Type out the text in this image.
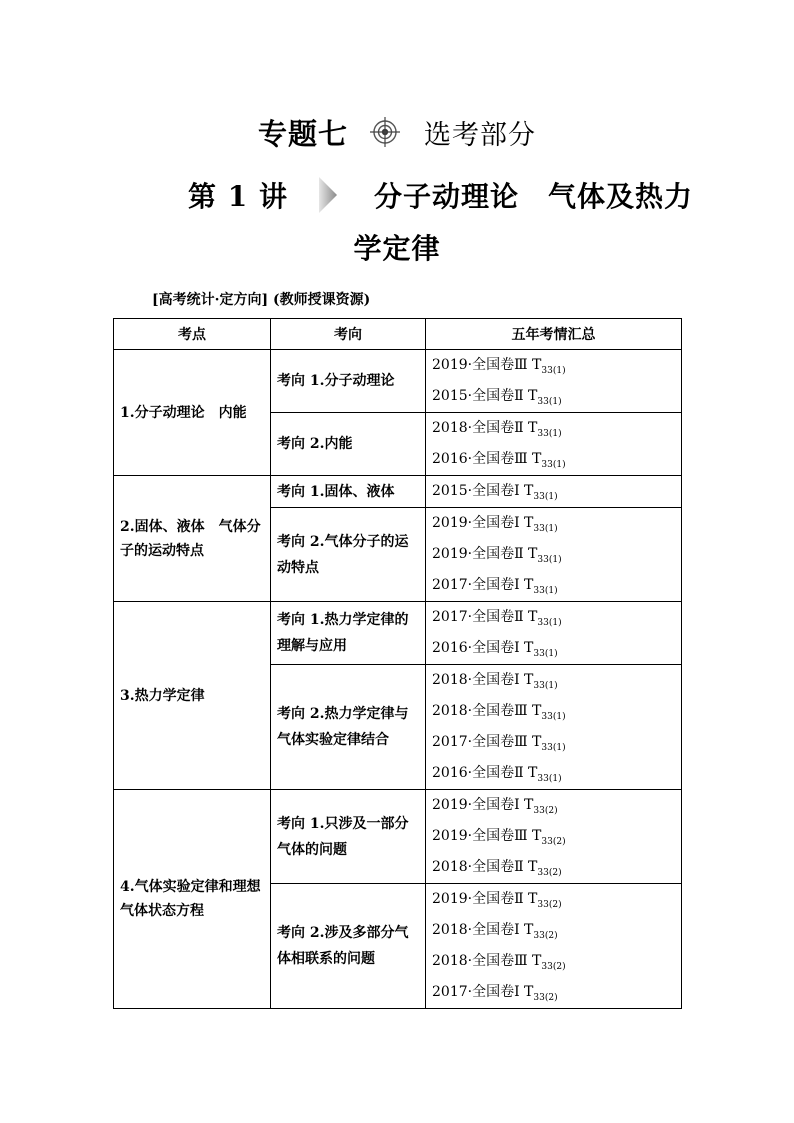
专题七	选考部分
第 1 讲	分子动理论　气体及热力
学定律
[高考统计·定方向] (教师授课资源)
考点	考向	五年考情汇总
1.分子动理论　内能	考向 1.分子动理论	2019·全国卷Ⅲ $T_{33(1)}$
2015·全国卷Ⅱ $T_{33(1)}$

	考向 2.内能	2018·全国卷Ⅱ $T_{33(1)}$
2016·全国卷Ⅲ $T_{33(1)}$

2.固体、液体　气体分子的运动特点	考向 1.固体、液体	2015·全国卷Ⅰ $T_{33(1)}$

	考向 2.气体分子的运动特点	2019·全国卷Ⅰ $T_{33(1)}$
2019·全国卷Ⅱ $T_{33(1)}$
2017·全国卷Ⅰ $T_{33(1)}$

3.热力学定律	考向 1.热力学定律的理解与应用	2017·全国卷Ⅱ $T_{33(1)}$
2016·全国卷Ⅰ $T_{33(1)}$

	考向 2.热力学定律与气体实验定律结合	2018·全国卷Ⅰ $T_{33(1)}$
2018·全国卷Ⅲ $T_{33(1)}$
2017·全国卷Ⅲ $T_{33(1)}$
2016·全国卷Ⅱ $T_{33(1)}$

4.气体实验定律和理想气体状态方程	考向 1.只涉及一部分气体的问题	2019·全国卷Ⅰ $T_{33(2)}$
2019·全国卷Ⅲ $T_{33(2)}$
2018·全国卷Ⅱ $T_{33(2)}$

	考向 2.涉及多部分气体相联系的问题	2019·全国卷Ⅱ $T_{33(2)}$
2018·全国卷Ⅰ $T_{33(2)}$
2018·全国卷Ⅲ $T_{33(2)}$
2017·全国卷Ⅰ $T_{33(2)}$
